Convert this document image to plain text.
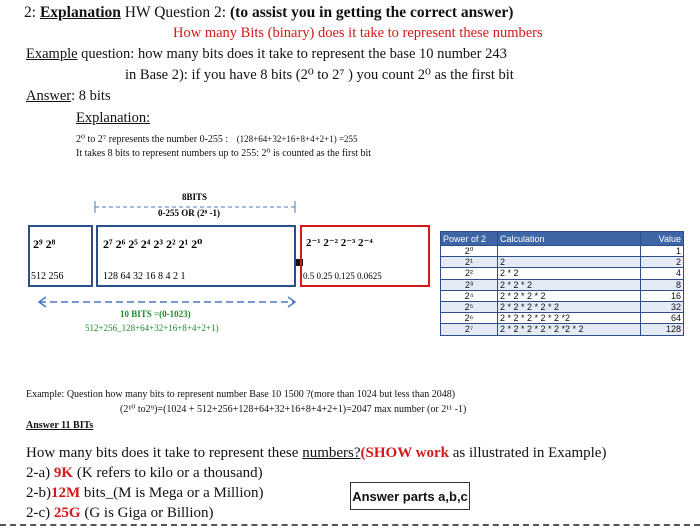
2: Explanation HW Question 2: (to assist you in getting the correct answer)
How many Bits (binary) does it take to represent these numbers
Example question: how many bits does it take to represent the base 10 number 243
in Base 2): if you have 8 bits (2⁰ to 2⁷ ) you count 2⁰ as the first bit
Answer: 8 bits
Explanation:
2⁰ to 2⁷ represents the number 0-255 : (128+64+32+16+8+4+2+1) =255
It takes 8 bits to represent numbers up to 255: 2⁰ is counted as the first bit
8BITS
0-255 OR (2⁸ -1)
2⁹ 2⁸
512 256
2⁷ 2⁶ 2⁵ 2⁴ 2³ 2² 2¹ 2⁰
128 64 32 16 8 4 2 1
2⁻¹ 2⁻² 2⁻³ 2⁻⁴
0.5 0.25 0.125 0.0625
10 BITS =(0-1023)
512+256_128+64+32+16+8+4+2+1)
Power of 2	Calculation	Value
2⁰		1
2¹	2	2
2²	2 * 2	4
2³	2 * 2 * 2	8
2⁴	2 * 2 * 2 * 2	16
2⁵	2 * 2 * 2 * 2 * 2	32
2⁶	2 * 2 * 2 * 2 * 2 *2	64
2⁷	2 * 2 * 2 * 2 * 2 *2 * 2	128
Example: Question how many bits to represent number Base 10 1500 ?(more than 1024 but less than 2048)
(2¹⁰ to2⁹)=(1024 + 512+256+128+64+32+16+8+4+2+1)=2047 max number (or 2¹¹ -1)
Answer 11 BITs
How many bits does it take to represent these numbers?(SHOW work as illustrated in Example)
2-a) 9K (K refers to kilo or a thousand)
2-b)12M bits_(M is Mega or a Million)
2-c) 25G (G is Giga or Billion)
Answer parts a,b,c
